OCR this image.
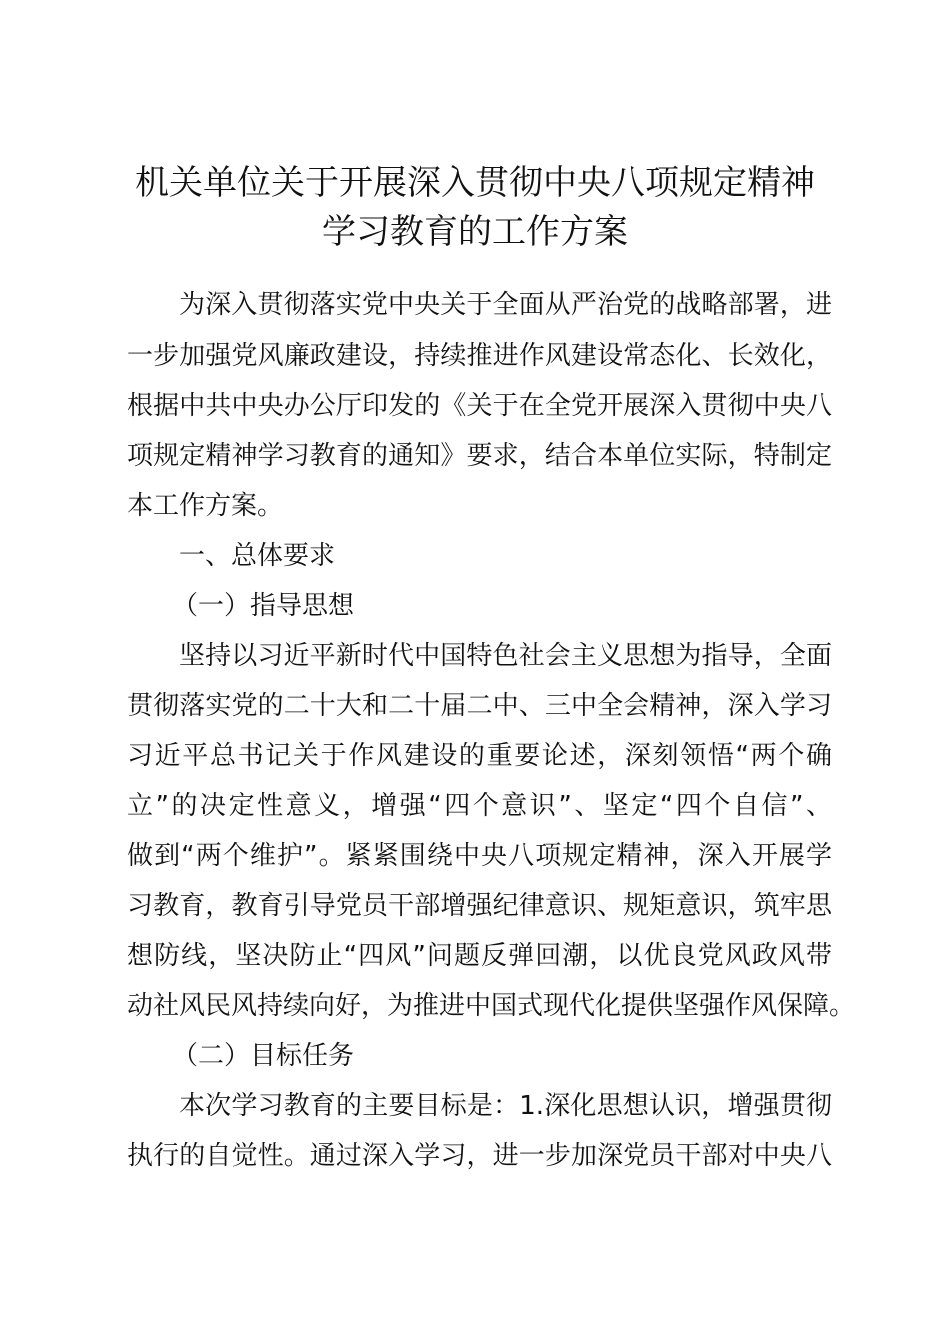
机关单位关于开展深入贯彻中央八项规定精神
学习教育的工作方案
为深入贯彻落实党中央关于全面从严治党的战略部署，进
一步加强党风廉政建设，持续推进作风建设常态化、长效化，
根据中共中央办公厅印发的《关于在全党开展深入贯彻中央八
项规定精神学习教育的通知》要求，结合本单位实际，特制定
本工作方案。
一、总体要求
（一）指导思想
坚持以习近平新时代中国特色社会主义思想为指导，全面
贯彻落实党的二十大和二十届二中、三中全会精神，深入学习
习近平总书记关于作风建设的重要论述，深刻领悟“两个确
立”的决定性意义，增强“四个意识”、坚定“四个自信”、
做到“两个维护”。紧紧围绕中央八项规定精神，深入开展学
习教育，教育引导党员干部增强纪律意识、规矩意识，筑牢思
想防线，坚决防止“四风”问题反弹回潮，以优良党风政风带
动社风民风持续向好，为推进中国式现代化提供坚强作风保障。
（二）目标任务
本次学习教育的主要目标是：1.深化思想认识，增强贯彻
执行的自觉性。通过深入学习，进一步加深党员干部对中央八
